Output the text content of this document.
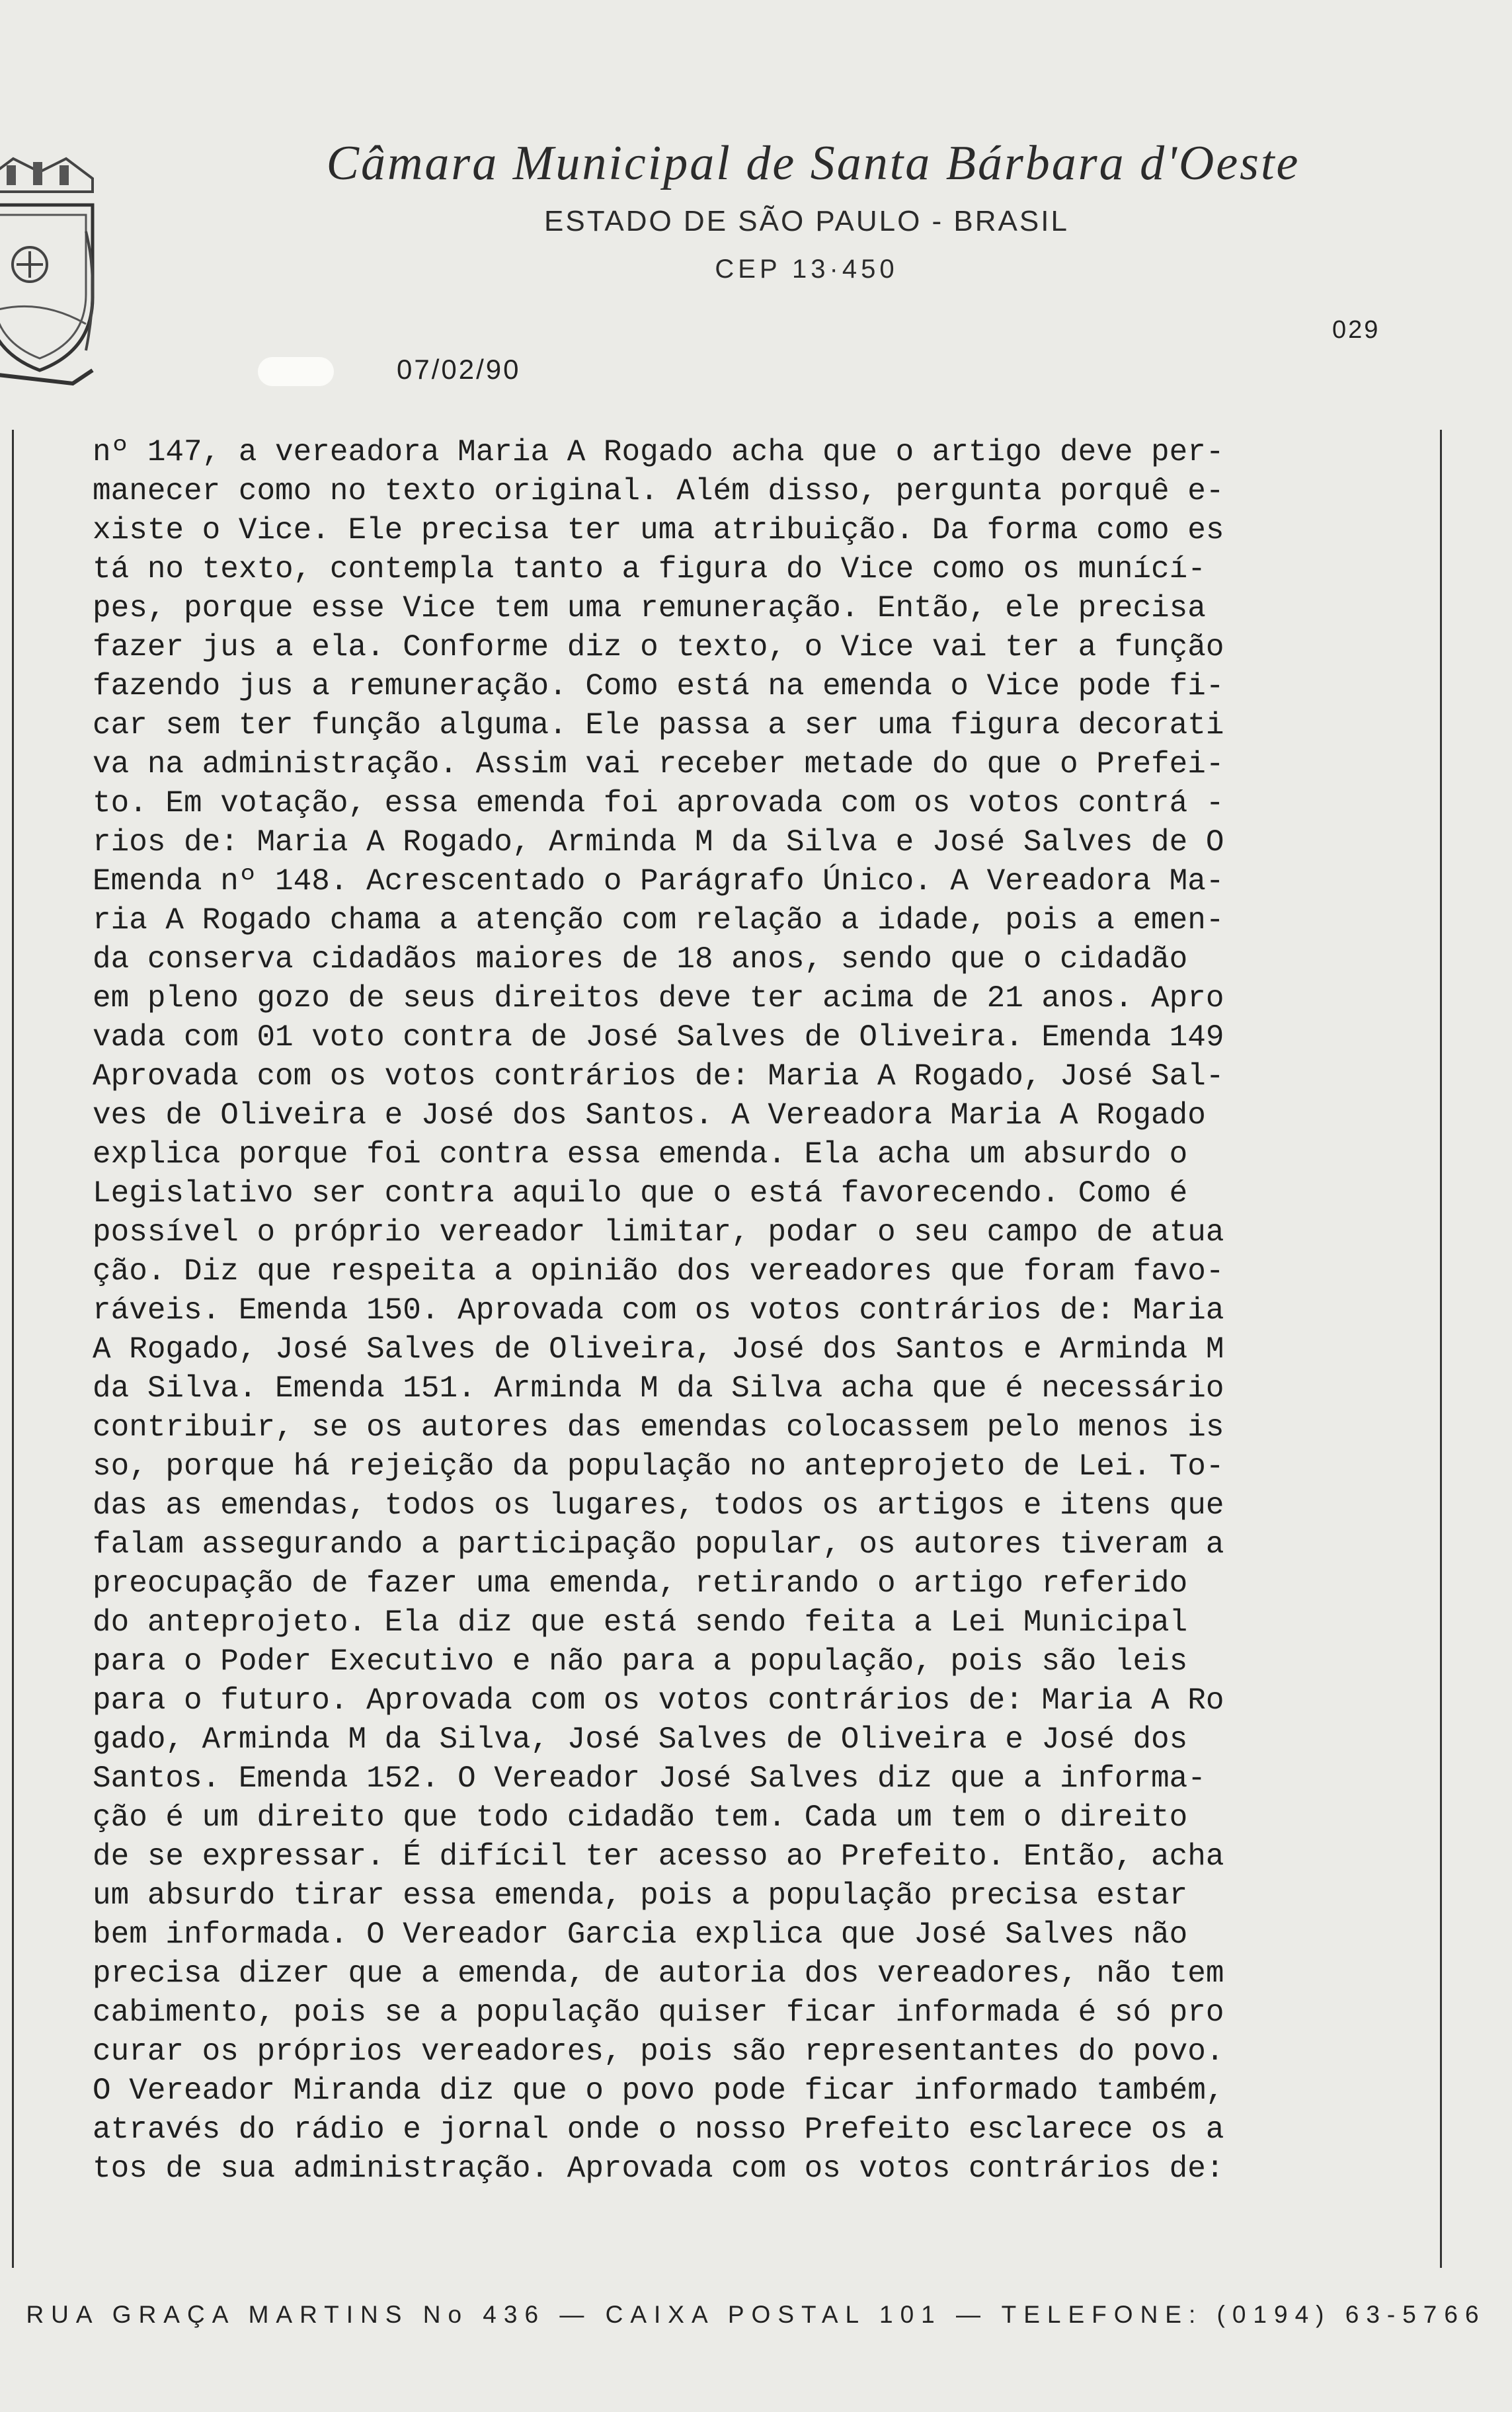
Câmara Municipal de Santa Bárbara d'Oeste
ESTADO DE SÃO PAULO - BRASIL
CEP 13·450
07/02/90
029
nº 147, a vereadora Maria A Rogado acha que o artigo deve per-
manecer como no texto original. Além disso, pergunta porquê e-
xiste o Vice. Ele precisa ter uma atribuição. Da forma como es
tá no texto, contempla tanto a figura do Vice como os munící-
pes, porque esse Vice tem uma remuneração. Então, ele precisa
fazer jus a ela. Conforme diz o texto, o Vice vai ter a função
fazendo jus a remuneração. Como está na emenda o Vice pode fi-
car sem ter função alguma. Ele passa a ser uma figura decorati
va na administração. Assim vai receber metade do que o Prefei-
to. Em votação, essa emenda foi aprovada com os votos contrá -
rios de: Maria A Rogado, Arminda M da Silva e José Salves de O
Emenda nº 148. Acrescentado o Parágrafo Único. A Vereadora Ma-
ria A Rogado chama a atenção com relação a idade, pois a emen-
da conserva cidadãos maiores de 18 anos, sendo que o cidadão
em pleno gozo de seus direitos deve ter acima de 21 anos. Apro
vada com 01 voto contra de José Salves de Oliveira. Emenda 149
Aprovada com os votos contrários de: Maria A Rogado, José Sal-
ves de Oliveira e José dos Santos. A Vereadora Maria A Rogado
explica porque foi contra essa emenda. Ela acha um absurdo o
Legislativo ser contra aquilo que o está favorecendo. Como é
possível o próprio vereador limitar, podar o seu campo de atua
ção. Diz que respeita a opinião dos vereadores que foram favo-
ráveis. Emenda 150. Aprovada com os votos contrários de: Maria
A Rogado, José Salves de Oliveira, José dos Santos e Arminda M
da Silva. Emenda 151. Arminda M da Silva acha que é necessário
contribuir, se os autores das emendas colocassem pelo menos is
so, porque há rejeição da população no anteprojeto de Lei. To-
das as emendas, todos os lugares, todos os artigos e itens que
falam assegurando a participação popular, os autores tiveram a
preocupação de fazer uma emenda, retirando o artigo referido
do anteprojeto. Ela diz que está sendo feita a Lei Municipal
para o Poder Executivo e não para a população, pois são leis
para o futuro. Aprovada com os votos contrários de: Maria A Ro
gado, Arminda M da Silva, José Salves de Oliveira e José dos
Santos. Emenda 152. O Vereador José Salves diz que a informa-
ção é um direito que todo cidadão tem. Cada um tem o direito
de se expressar. É difícil ter acesso ao Prefeito. Então, acha
um absurdo tirar essa emenda, pois a população precisa estar
bem informada. O Vereador Garcia explica que José Salves não
precisa dizer que a emenda, de autoria dos vereadores, não tem
cabimento, pois se a população quiser ficar informada é só pro
curar os próprios vereadores, pois são representantes do povo.
O Vereador Miranda diz que o povo pode ficar informado também,
através do rádio e jornal onde o nosso Prefeito esclarece os a
tos de sua administração. Aprovada com os votos contrários de:
RUA GRAÇA MARTINS No 436 — CAIXA POSTAL 101 — TELEFONE: (0194) 63-5766
